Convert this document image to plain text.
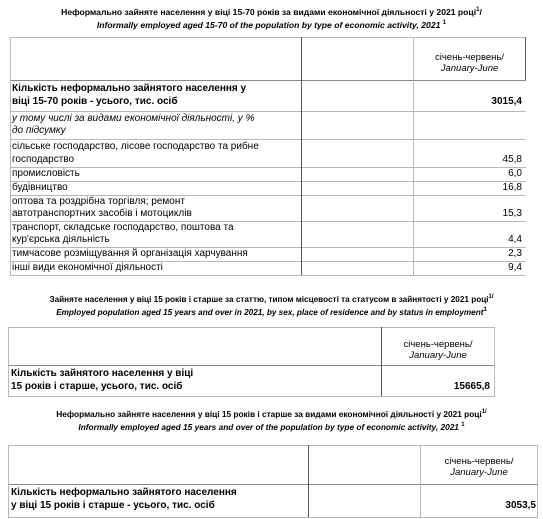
Неформально зайняте населення у віці 15-70 років за видами економічної діяльності у 2021 році$^1$/
Informally employed aged 15-70 of the population by type of economic activity, 2021 $^1$
січень-червень/
January-June
Кількість неформально зайнятого населення у
віці 15-70 років - усього, тис. осіб	3015,4
у тому числі за видами економічної діяльності, у %
до підсумку
сільське господарство, лісове господарство та рибне
господарство	45,8
промисловість	6,0
будівництво	16,8
оптова та роздрібна торгівля; ремонт
автотранспортних засобів і мотоциклів	15,3
транспорт, складське господарство, поштова та
кур'єрська діяльність	4,4
тимчасове розміщування й організація харчування	2,3
інші види економічної діяльності	9,4
Зайняте населення у віці 15 років і старше за статтю, типом місцевості та статусом в зайнятості у 2021 році$^{1/}$
Employed population aged 15 years and over in 2021, by sex, place of residence and by status in employment$^1$
січень-червень/
January-June
Кількість зайнятого населення у віці
15 років і старше, усього, тис. осіб	15665,8
Неформально зайняте населення у віці 15 років і старше за видами економічної діяльності у 2021 році$^{1/}$
Informally employed aged 15 years and over of the population by type of economic activity, 2021 $^1$
січень-червень/
January-June
Кількість неформально зайнятого населення
у віці 15 років і старше - усього, тис. осіб	3053,5
